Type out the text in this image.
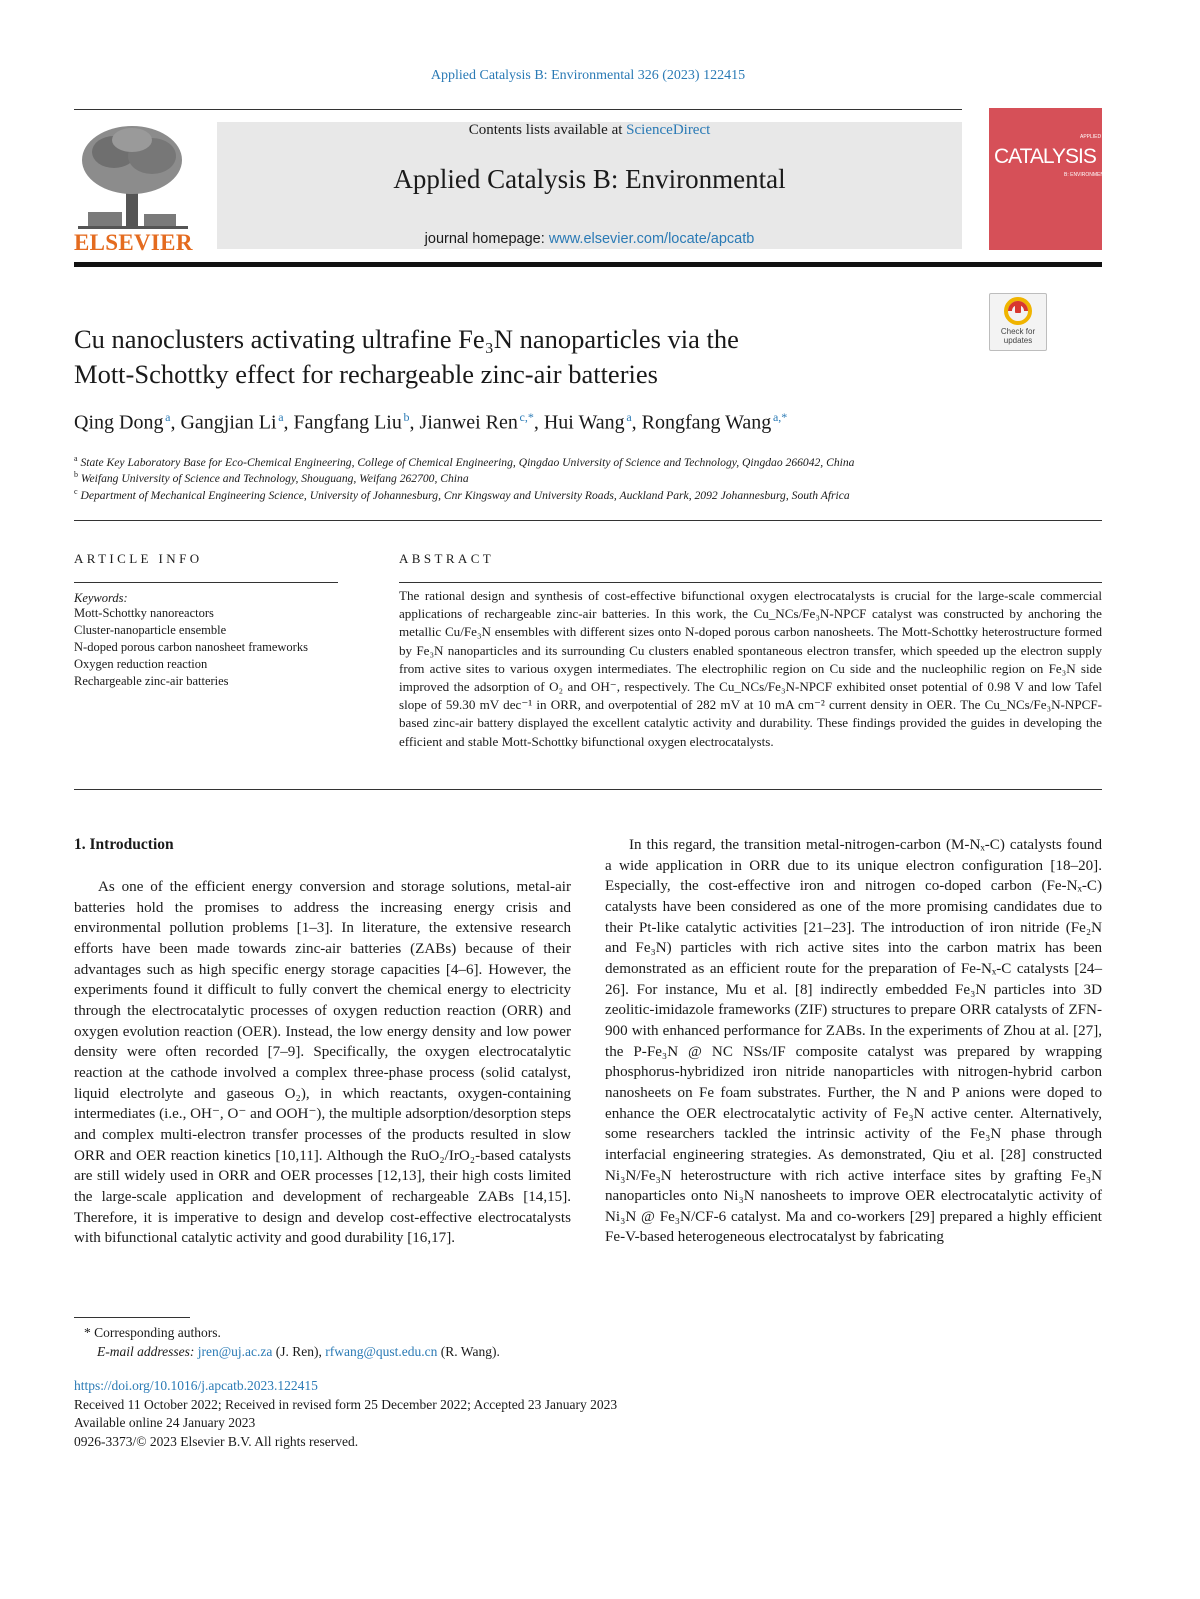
Applied Catalysis B: Environmental 326 (2023) 122415
ELSEVIER
Contents lists available at ScienceDirect
Applied Catalysis B: Environmental
journal homepage: www.elsevier.com/locate/apcatb
APPLIED
CATALYSIS
B: ENVIRONMENTAL
Check for
updates
Cu nanoclusters activating ultrafine Fe₃N nanoparticles via the
Mott-Schottky effect for rechargeable zinc-air batteries
Qing Dong  $^a$, Gangjian Li  $^a$, Fangfang Liu  $^b$, Jianwei Ren  $^{c,*}$, Hui Wang  $^a$, Rongfang Wang  $^{a,*}$
$^a$ State Key Laboratory Base for Eco-Chemical Engineering, College of Chemical Engineering, Qingdao University of Science and Technology, Qingdao 266042, China
$^b$ Weifang University of Science and Technology, Shouguang, Weifang 262700, China
$^c$ Department of Mechanical Engineering Science, University of Johannesburg, Cnr Kingsway and University Roads, Auckland Park, 2092 Johannesburg, South Africa
ARTICLE INFO
Keywords:
Mott-Schottky nanoreactors
Cluster-nanoparticle ensemble
N-doped porous carbon nanosheet frameworks
Oxygen reduction reaction
Rechargeable zinc-air batteries
ABSTRACT
The rational design and synthesis of cost-effective bifunctional oxygen electrocatalysts is crucial for the large-scale commercial applications of rechargeable zinc-air batteries. In this work, the Cu_NCs/Fe₃N-NPCF catalyst was constructed by anchoring the metallic Cu/Fe₃N ensembles with different sizes onto N-doped porous carbon nanosheets. The Mott-Schottky heterostructure formed by Fe₃N nanoparticles and its surrounding Cu clusters enabled spontaneous electron transfer, which speeded up the electron supply from active sites to various oxygen intermediates. The electrophilic region on Cu side and the nucleophilic region on Fe₃N side improved the adsorption of O₂ and OH⁻, respectively. The Cu_NCs/Fe₃N-NPCF exhibited onset potential of 0.98 V and low Tafel slope of 59.30 mV dec⁻¹ in ORR, and overpotential of 282 mV at 10 mA cm⁻² current density in OER. The Cu_NCs/Fe₃N-NPCF-based zinc-air battery displayed the excellent catalytic activity and durability. These findings provided the guides in developing the efficient and stable Mott-Schottky bifunctional oxygen electrocatalysts.
1. Introduction
As one of the efficient energy conversion and storage solutions, metal-air batteries hold the promises to address the increasing energy crisis and environmental pollution problems [1–3]. In literature, the extensive research efforts have been made towards zinc-air batteries (ZABs) because of their advantages such as high specific energy storage capacities [4–6]. However, the experiments found it difficult to fully convert the chemical energy to electricity through the electrocatalytic processes of oxygen reduction reaction (ORR) and oxygen evolution reaction (OER). Instead, the low energy density and low power density were often recorded [7–9]. Specifically, the oxygen electrocatalytic reaction at the cathode involved a complex three-phase process (solid catalyst, liquid electrolyte and gaseous O₂), in which reactants, oxygen-containing intermediates (i.e., OH⁻, O⁻ and OOH⁻), the multiple adsorption/desorption steps and complex multi-electron transfer processes of the products resulted in slow ORR and OER reaction kinetics [10,11]. Although the RuO₂/IrO₂-based catalysts are still widely used in ORR and OER processes [12,13], their high costs limited the large-scale application and development of rechargeable ZABs [14,15]. Therefore, it is imperative to design and develop cost-effective electrocatalysts with bifunctional catalytic activity and good durability [16,17].
In this regard, the transition metal-nitrogen-carbon (M-Nₓ-C) catalysts found a wide application in ORR due to its unique electron configuration [18–20]. Especially, the cost-effective iron and nitrogen co-doped carbon (Fe-Nₓ-C) catalysts have been considered as one of the more promising candidates due to their Pt-like catalytic activities [21–23]. The introduction of iron nitride (Fe₂N and Fe₃N) particles with rich active sites into the carbon matrix has been demonstrated as an efficient route for the preparation of Fe-Nₓ-C catalysts [24–26]. For instance, Mu et al. [8] indirectly embedded Fe₃N particles into 3D zeolitic-imidazole frameworks (ZIF) structures to prepare ORR catalysts of ZFN-900 with enhanced performance for ZABs. In the experiments of Zhou at al. [27], the P-Fe₃N @ NC NSs/IF composite catalyst was prepared by wrapping phosphorus-hybridized iron nitride nanoparticles with nitrogen-hybrid carbon nanosheets on Fe foam substrates. Further, the N and P anions were doped to enhance the OER electrocatalytic activity of Fe₃N active center. Alternatively, some researchers tackled the intrinsic activity of the Fe₃N phase through interfacial engineering strategies. As demonstrated, Qiu et al. [28] constructed Ni₃N/Fe₃N heterostructure with rich active interface sites by grafting Fe₃N nanoparticles onto Ni₃N nanosheets to improve OER electrocatalytic activity of Ni₃N @ Fe₃N/CF-6 catalyst. Ma and co-workers [29] prepared a highly efficient Fe-V-based heterogeneous electrocatalyst by fabricating
* Corresponding authors.
E-mail addresses: jren@uj.ac.za (J. Ren), rfwang@qust.edu.cn (R. Wang).
https://doi.org/10.1016/j.apcatb.2023.122415
Received 11 October 2022; Received in revised form 25 December 2022; Accepted 23 January 2023
Available online 24 January 2023
0926-3373/© 2023 Elsevier B.V. All rights reserved.
